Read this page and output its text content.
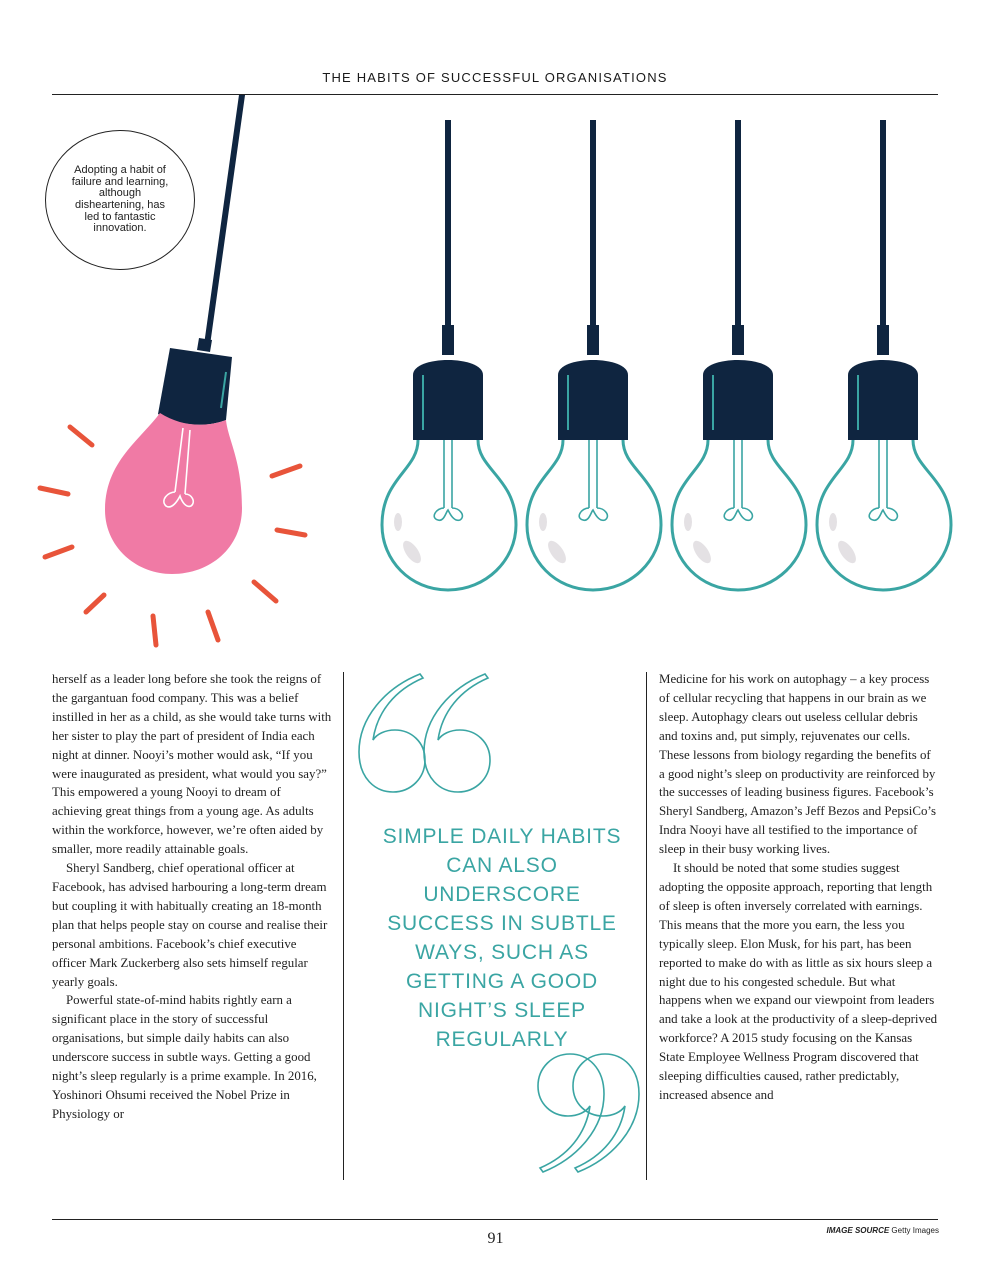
THE HABITS OF SUCCESSFUL ORGANISATIONS
Adopting a habit of failure and learning, although disheartening, has led to fantastic innovation.

herself as a leader long before she took the reigns of the gargantuan food company. This was a belief instilled in her as a child, as she would take turns with her sister to play the part of president of India each night at dinner. Nooyi’s mother would ask, “If you were inaugurated as president, what would you say?” This empowered a young Nooyi to dream of achieving great things from a young age. As adults within the workforce, however, we’re often aided by smaller, more readily attainable goals.

Sheryl Sandberg, chief operational officer at Facebook, has advised harbouring a long-term dream but coupling it with habitually creating an 18-month plan that helps people stay on course and realise their personal ambitions. Facebook’s chief executive officer Mark Zuckerberg also sets himself regular yearly goals.

Powerful state-of-mind habits rightly earn a significant place in the story of successful organisations, but simple daily habits can also underscore success in subtle ways. Getting a good night’s sleep regularly is a prime example. In 2016, Yoshinori Ohsumi received the Nobel Prize in Physiology or

SIMPLE DAILY HABITS CAN ALSO UNDERSCORE SUCCESS IN SUBTLE WAYS, SUCH AS GETTING A GOOD NIGHT’S SLEEP REGULARLY

Medicine for his work on autophagy – a key process of cellular recycling that happens in our brain as we sleep. Autophagy clears out useless cellular debris and toxins and, put simply, rejuvenates our cells. These lessons from biology regarding the benefits of a good night’s sleep on productivity are reinforced by the successes of leading business figures. Facebook’s Sheryl Sandberg, Amazon’s Jeff Bezos and PepsiCo’s Indra Nooyi have all testified to the importance of sleep in their busy working lives.

It should be noted that some studies suggest adopting the opposite approach, reporting that length of sleep is often inversely correlated with earnings. This means that the more you earn, the less you typically sleep. Elon Musk, for his part, has been reported to make do with as little as six hours sleep a night due to his congested schedule. But what happens when we expand our viewpoint from leaders and take a look at the productivity of a sleep-deprived workforce? A 2015 study focusing on the Kansas State Employee Wellness Program discovered that sleeping difficulties caused, rather predictably, increased absence and

91	IMAGE SOURCE Getty Images
